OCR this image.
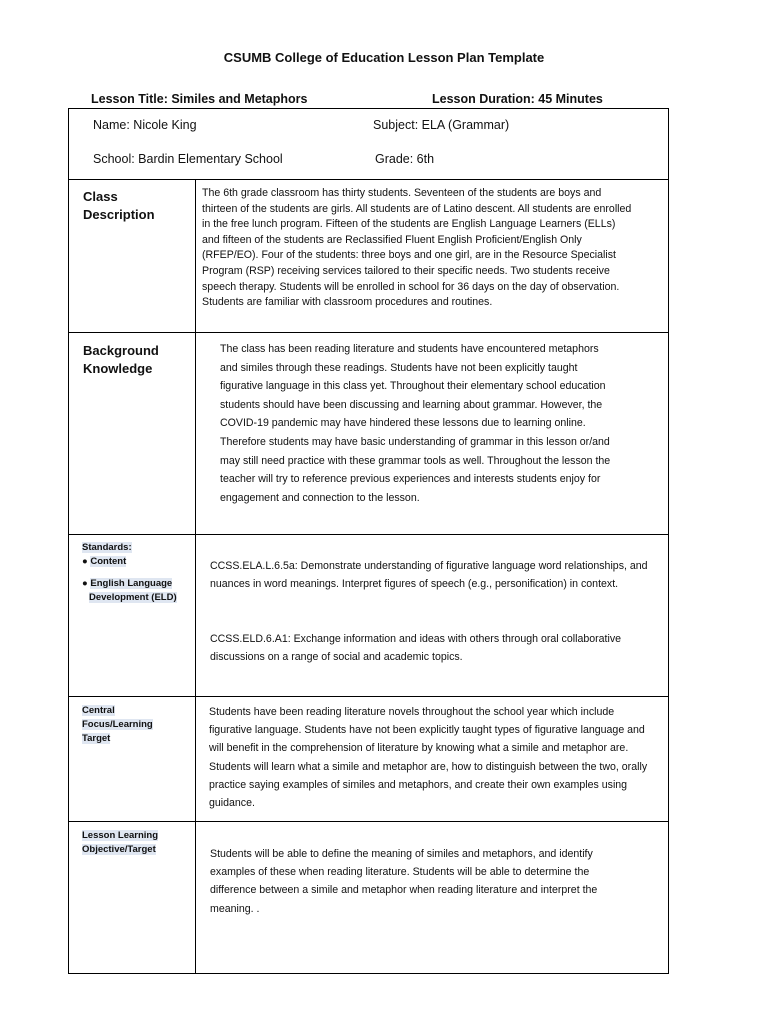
CSUMB College of Education Lesson Plan Template
Lesson Title: Similes and Metaphors	Lesson Duration: 45 Minutes
Name: Nicole King	Subject: ELA (Grammar)
School: Bardin Elementary School	Grade: 6th
Class
Description

The 6th grade classroom has thirty students. Seventeen of the students are boys and thirteen of the students are girls. All students are of Latino descent. All students are enrolled in the free lunch program. Fifteen of the students are English Language Learners (ELLs) and fifteen of the students are Reclassified Fluent English Proficient/English Only (RFEP/EO). Four of the students: three boys and one girl, are in the Resource Specialist Program (RSP) receiving services tailored to their specific needs. Two students receive speech therapy. Students will be enrolled in school for 36 days on the day of observation. Students are familiar with classroom procedures and routines.

Background
Knowledge

The class has been reading literature and students have encountered metaphors and similes through these readings. Students have not been explicitly taught figurative language in this class yet. Throughout their elementary school education students should have been discussing and learning about grammar. However, the COVID-19 pandemic may have hindered these lessons due to learning online. Therefore students may have basic understanding of grammar in this lesson or/and may still need practice with these grammar tools as well. Throughout the lesson the teacher will try to reference previous experiences and interests students enjoy for engagement and connection to the lesson.

Standards:
● Content
● English Language
Development (ELD)

CCSS.ELA.L.6.5a: Demonstrate understanding of figurative language word relationships, and nuances in word meanings. Interpret figures of speech (e.g., personification) in context.

CCSS.ELD.6.A1: Exchange information and ideas with others through oral collaborative discussions on a range of social and academic topics.

Central
Focus/Learning
Target

Students have been reading literature novels throughout the school year which include figurative language. Students have not been explicitly taught types of figurative language and will benefit in the comprehension of literature by knowing what a simile and metaphor are. Students will learn what a simile and metaphor are, how to distinguish between the two, orally practice saying examples of similes and metaphors, and create their own examples using guidance.

Lesson Learning
Objective/Target	Students will be able to define the meaning of similes and metaphors, and identify examples of these when reading literature. Students will be able to determine the difference between a simile and metaphor when reading literature and interpret the meaning. .
